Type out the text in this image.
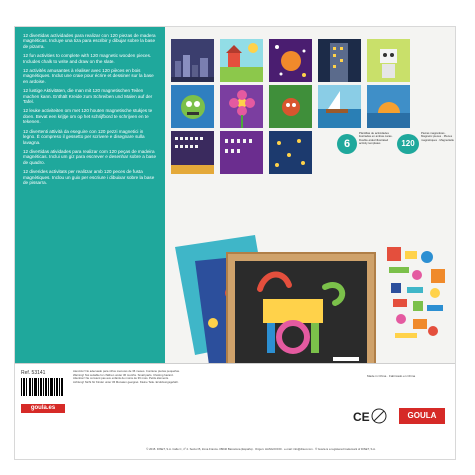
12 divertidas actividades para realizar con 120 piezas de madera magnéticas. Incluye una tiza para escribir y dibujar sobre la base de pizarra.
12 fun activities to complete with 120 magnetic wooden pieces. Includes chalk to write and draw on the slate.
12 activités amusantes à réaliser avec 120 pièces en bois magnétiques. Inclut une craie pour écrire et dessiner sur la base en ardoise.
12 lustige Aktivitäten, die man mit 120 magnetischen Teilen machen kann. Enthält Kreide zum Schreiben und Malen auf der Tafel.
12 leuke activiteiten om met 120 houten magnetische stukjes te doen. Bevat een krijtje om op het schrijfbord te schrijven en te tekenen.
12 divertenti attività da eseguire con 120 pezzi magnetici in legno. È compreso il gessetto per scrivere e disegnare sulla lavagna.
12 divertidas atividades para realizar com 120 peças de madeira magnéticas. Inclui um giz para escrever e desenhar sobre a base de quadro.
12 diverides activitats per realitzar amb 120 peces de fusta magnètiques. Inclou un guix per escriure i dibuixar sobre la base de pissarra.
6
Plantillas de actividades ilustradas en ambas caras · Double-sided illustrated activity templates	120
Piezas magnéticas · Magnetic pieces · Pièces magnétiques · Magnetteile
Ref. 53141
goula.es
Atención! No adecuado para niños menores de 36 meses. Contiene piezas pequeñas.
Warning! Not suitable for children under 36 months. Small parts. Choking hazard.
Attention! Ne convient pas aux enfants de moins de 36 mois. Petits éléments.
Achtung! Nicht für Kinder unter 36 Monaten geeignet. Kleine Teile. Erstickungsgefahr.
Made in China · Fabricado en China
CE	GOULA
© 2015. DISET, S.A. Calle C, nº 2. Sector B, Zona Franca. 08040 Barcelona (España) · Origen: HANGOOOD · e-mail: info@diset.com · ® Goula is a registered trademark of DISET, S.A.
